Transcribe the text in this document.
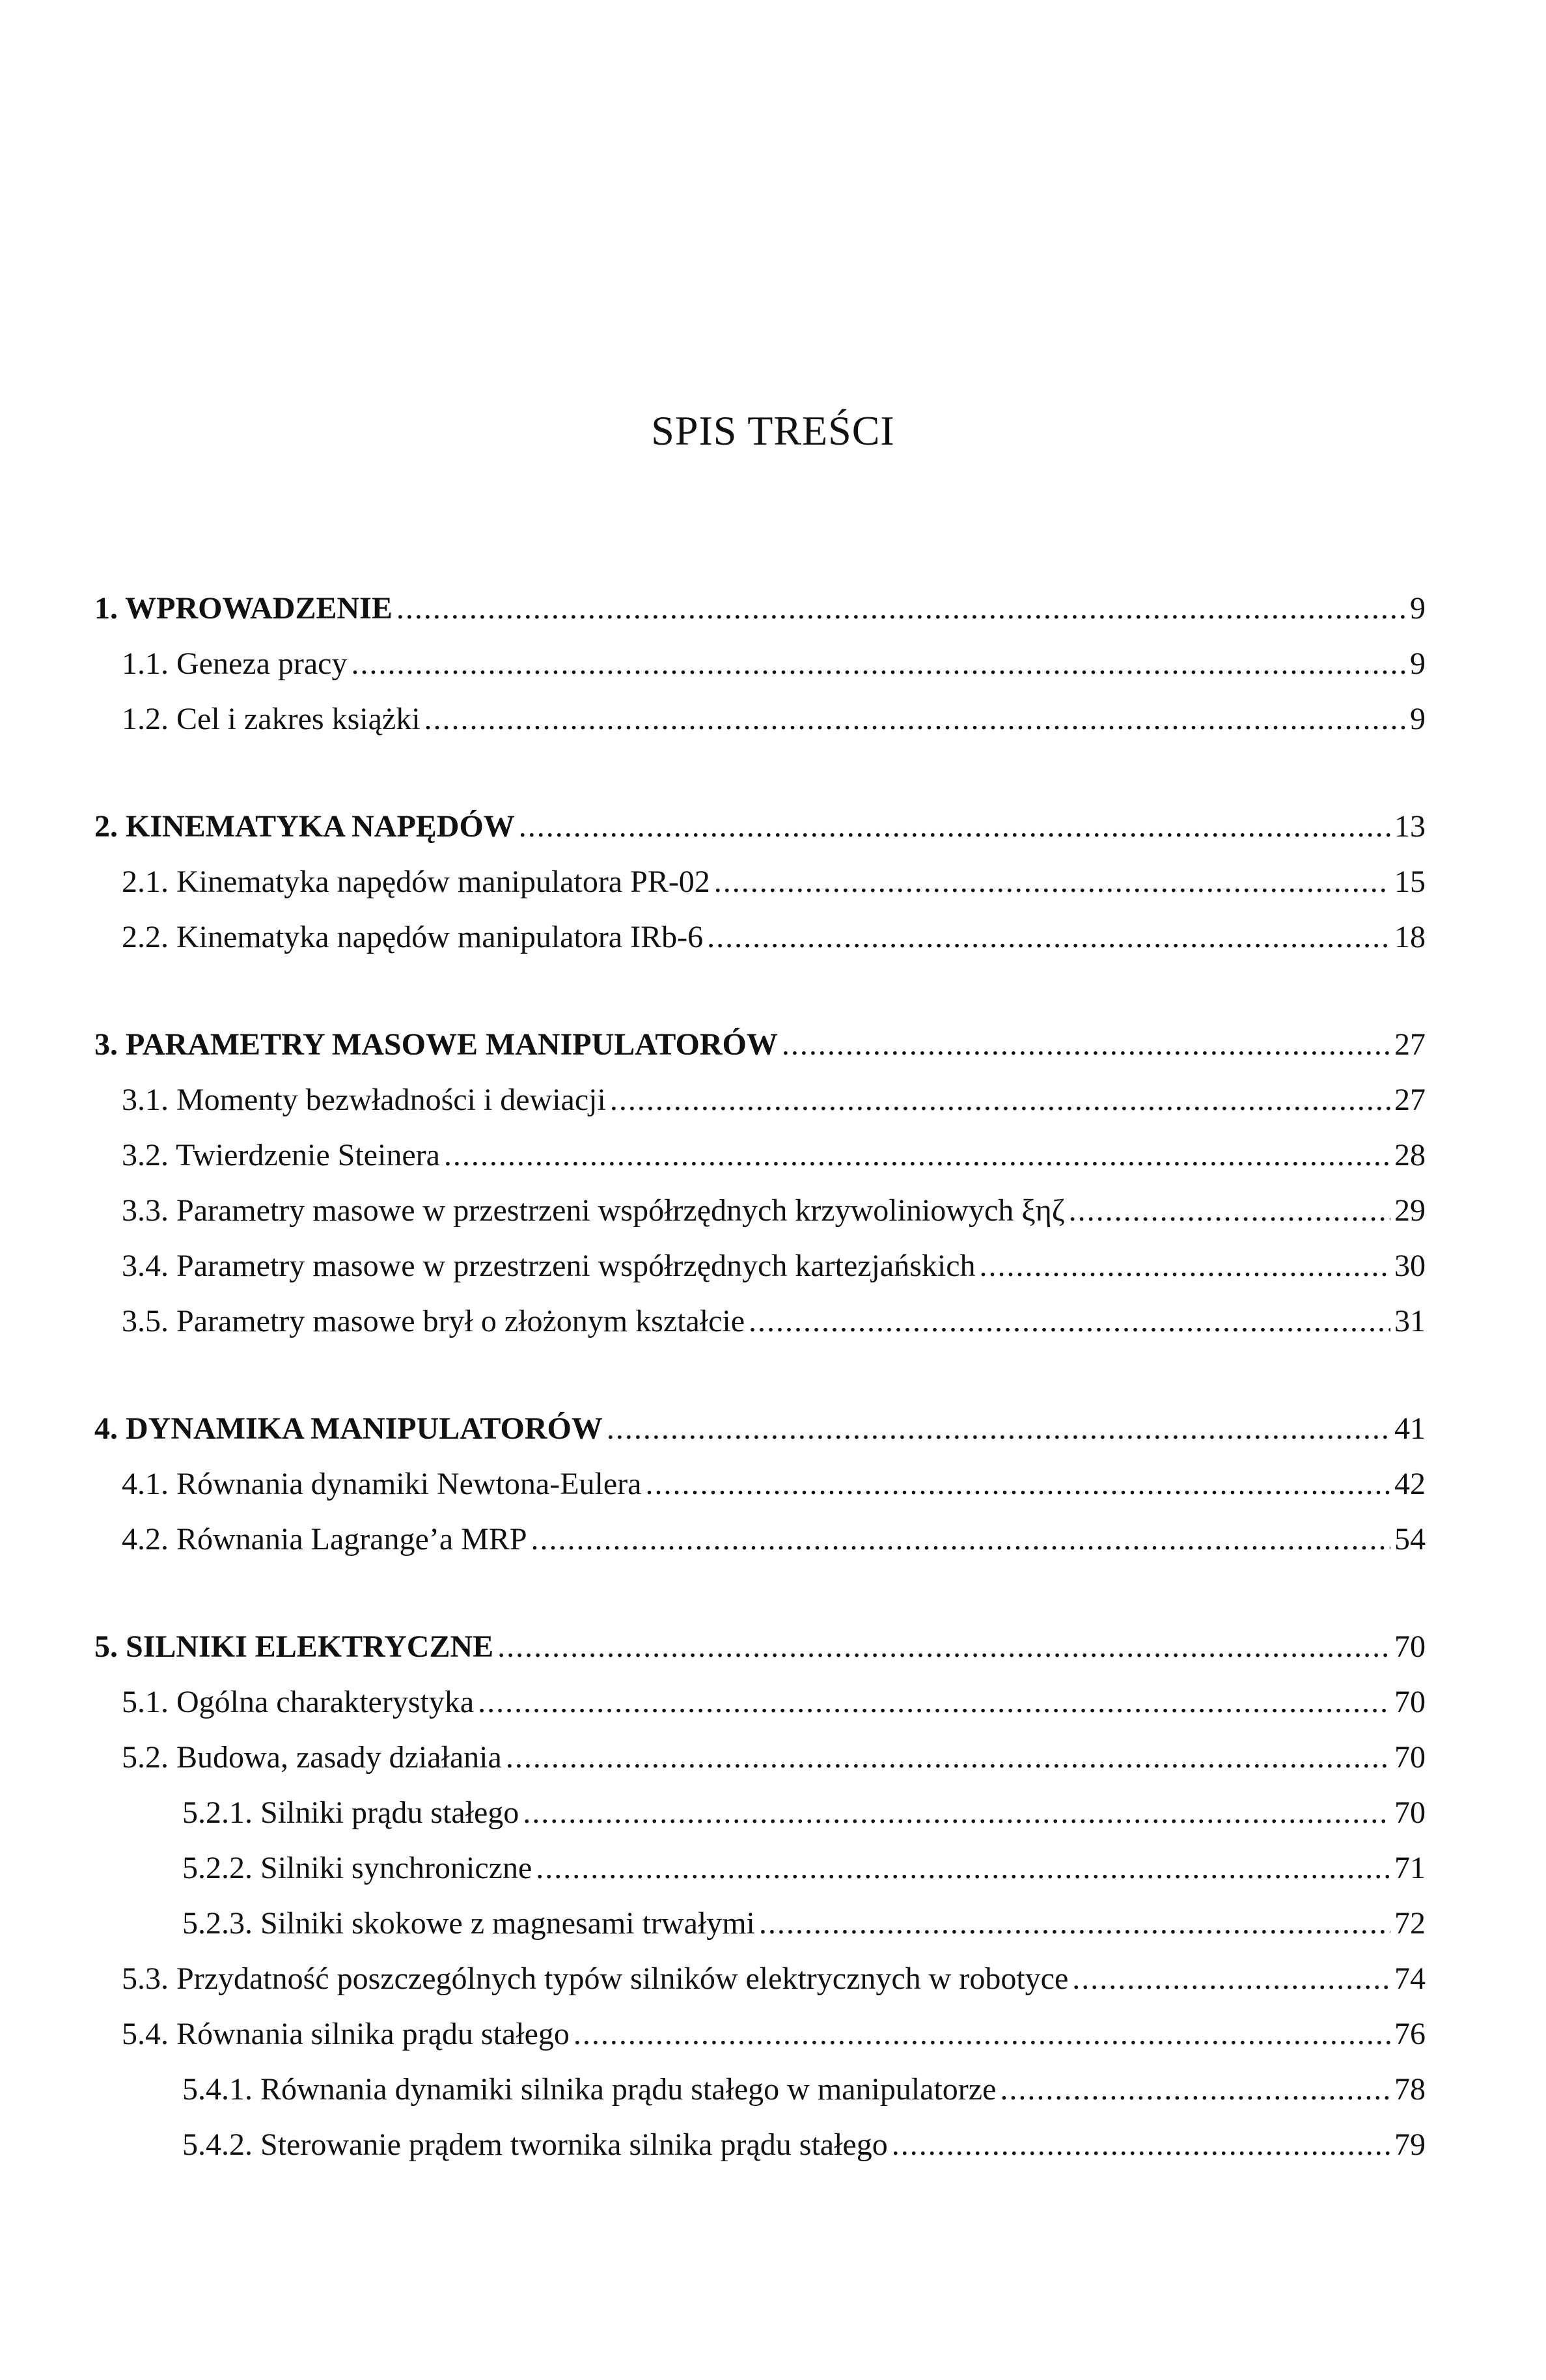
SPIS TREŚCI
1. WPROWADZENIE .....	9
1.1. Geneza pracy .....	9
1.2. Cel i zakres książki .....	9
2. KINEMATYKA NAPĘDÓW .....	13
2.1. Kinematyka napędów manipulatora PR-02 .....	15
2.2. Kinematyka napędów manipulatora IRb-6 .....	18
3. PARAMETRY MASOWE MANIPULATORÓW .....	27
3.1. Momenty bezwładności i dewiacji .....	27
3.2. Twierdzenie Steinera .....	28
3.3. Parametry masowe w przestrzeni współrzędnych krzywoliniowych ξηζ .....	29
3.4. Parametry masowe w przestrzeni współrzędnych kartezjańskich .....	30
3.5. Parametry masowe brył o złożonym kształcie .....	31
4. DYNAMIKA MANIPULATORÓW .....	41
4.1. Równania dynamiki Newtona-Eulera .....	42
4.2. Równania Lagrange’a MRP .....	54
5. SILNIKI ELEKTRYCZNE .....	70
5.1. Ogólna charakterystyka .....	70
5.2. Budowa, zasady działania .....	70
5.2.1. Silniki prądu stałego .....	70
5.2.2. Silniki synchroniczne .....	71
5.2.3. Silniki skokowe z magnesami trwałymi .....	72
5.3. Przydatność poszczególnych typów silników elektrycznych w robotyce .....	74
5.4. Równania silnika prądu stałego .....	76
5.4.1. Równania dynamiki silnika prądu stałego w manipulatorze .....	78
5.4.2. Sterowanie prądem twornika silnika prądu stałego .....	79
